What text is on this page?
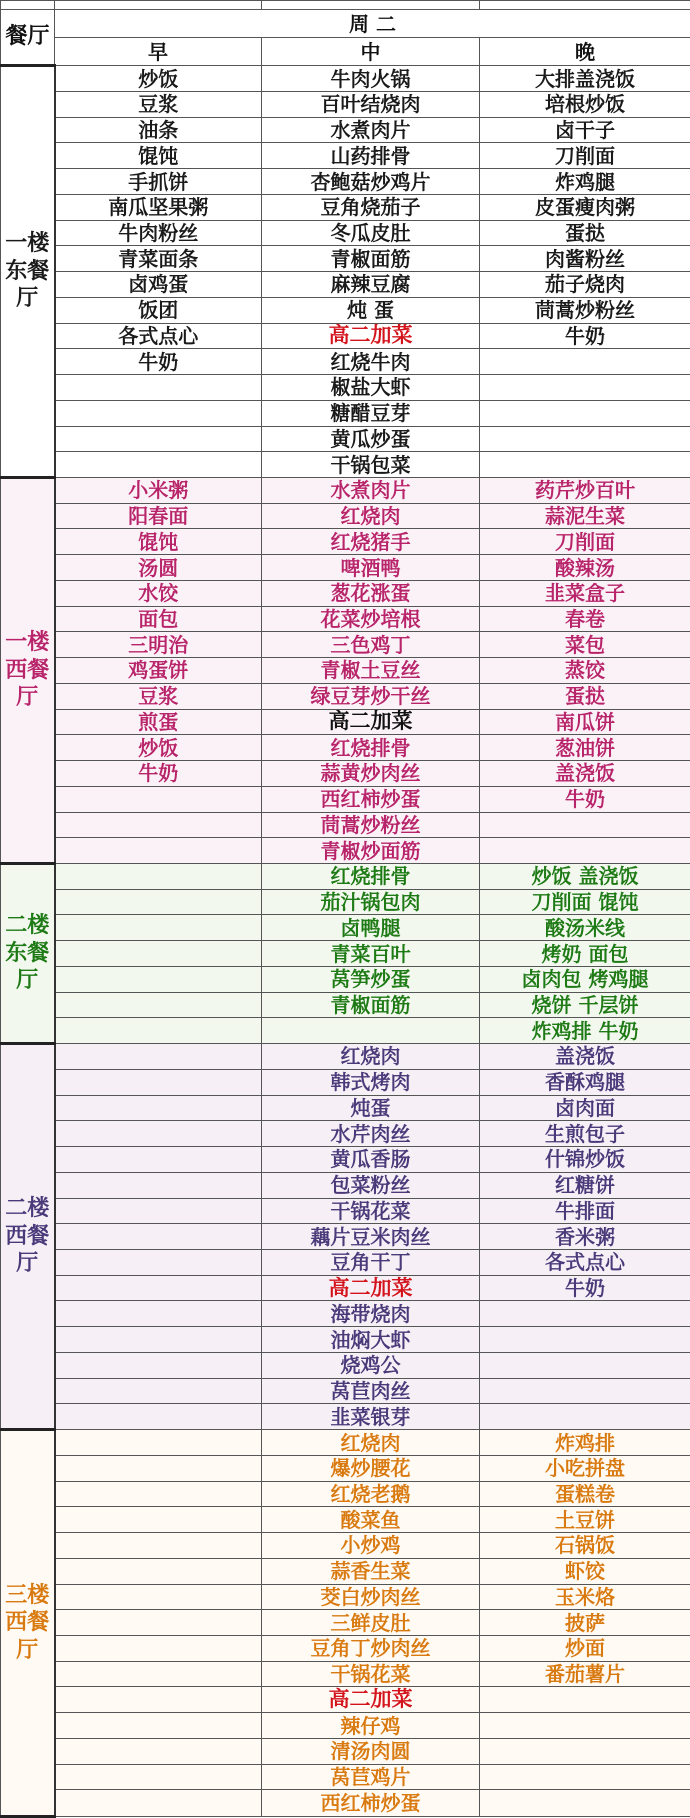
餐厅	周 二		
	早	中	晚
一楼东餐厅	炒饭	牛肉火锅	大排盖浇饭
	豆浆	百叶结烧肉	培根炒饭
	油条	水煮肉片	卤干子
	馄饨	山药排骨	刀削面
	手抓饼	杏鲍菇炒鸡片	炸鸡腿
	南瓜坚果粥	豆角烧茄子	皮蛋瘦肉粥
	牛肉粉丝	冬瓜皮肚	蛋挞
	青菜面条	青椒面筋	肉酱粉丝
	卤鸡蛋	麻辣豆腐	茄子烧肉
	饭团	炖 蛋	茼蒿炒粉丝
	各式点心	高二加菜	牛奶
	牛奶	红烧牛肉	
		椒盐大虾	
		糖醋豆芽	
		黄瓜炒蛋	
		干锅包菜	
一楼西餐厅	小米粥	水煮肉片	药芹炒百叶
	阳春面	红烧肉	蒜泥生菜
	馄饨	红烧猪手	刀削面
	汤圆	啤酒鸭	酸辣汤
	水饺	葱花涨蛋	韭菜盒子
	面包	花菜炒培根	春卷
	三明治	三色鸡丁	菜包
	鸡蛋饼	青椒土豆丝	蒸饺
	豆浆	绿豆芽炒干丝	蛋挞
	煎蛋	高二加菜	南瓜饼
	炒饭	红烧排骨	葱油饼
	牛奶	蒜黄炒肉丝	盖浇饭
		西红柿炒蛋	牛奶
		茼蒿炒粉丝	
		青椒炒面筋	
二楼东餐厅		红烧排骨	炒饭 盖浇饭
		茄汁锅包肉	刀削面 馄饨
		卤鸭腿	酸汤米线
		青菜百叶	烤奶 面包
		莴笋炒蛋	卤肉包 烤鸡腿
		青椒面筋	烧饼 千层饼
			炸鸡排 牛奶
二楼西餐厅		红烧肉	盖浇饭
		韩式烤肉	香酥鸡腿
		炖蛋	卤肉面
		水芹肉丝	生煎包子
		黄瓜香肠	什锦炒饭
		包菜粉丝	红糖饼
		干锅花菜	牛排面
		藕片豆米肉丝	香米粥
		豆角干丁	各式点心
		高二加菜	牛奶
		海带烧肉	
		油焖大虾	
		烧鸡公	
		莴苣肉丝	
		韭菜银芽	
三楼西餐厅		红烧肉	炸鸡排
		爆炒腰花	小吃拼盘
		红烧老鹅	蛋糕卷
		酸菜鱼	土豆饼
		小炒鸡	石锅饭
		蒜香生菜	虾饺
		茭白炒肉丝	玉米烙
		三鲜皮肚	披萨
		豆角丁炒肉丝	炒面
		干锅花菜	番茄薯片
		高二加菜	
		辣仔鸡	
		清汤肉圆	
		莴苣鸡片	
		西红柿炒蛋	
